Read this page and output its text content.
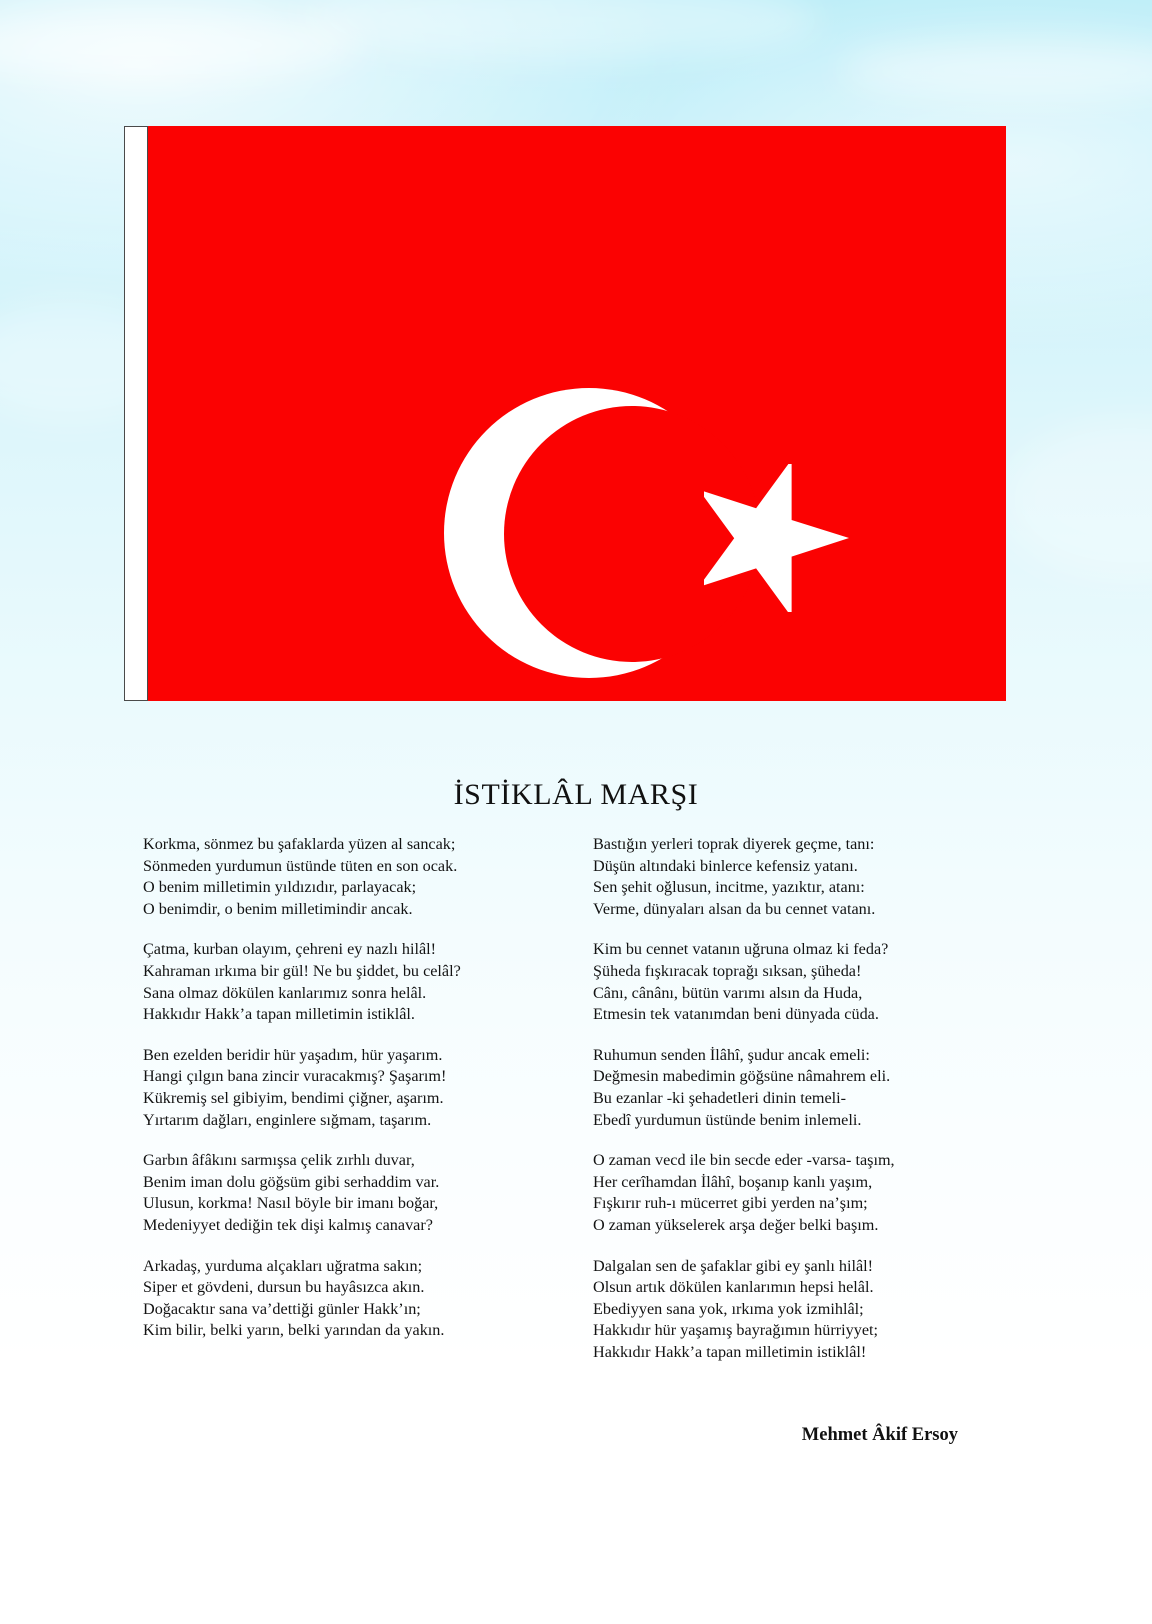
İSTİKLÂL MARŞI
Korkma, sönmez bu şafaklarda yüzen al sancak;
Sönmeden yurdumun üstünde tüten en son ocak.
O benim milletimin yıldızıdır, parlayacak;
O benimdir, o benim milletimindir ancak.
Çatma, kurban olayım, çehreni ey nazlı hilâl!
Kahraman ırkıma bir gül! Ne bu şiddet, bu celâl?
Sana olmaz dökülen kanlarımız sonra helâl.
Hakkıdır Hakk’a tapan milletimin istiklâl.
Ben ezelden beridir hür yaşadım, hür yaşarım.
Hangi çılgın bana zincir vuracakmış? Şaşarım!
Kükremiş sel gibiyim, bendimi çiğner, aşarım.
Yırtarım dağları, enginlere sığmam, taşarım.
Garbın âfâkını sarmışsa çelik zırhlı duvar,
Benim iman dolu göğsüm gibi serhaddim var.
Ulusun, korkma! Nasıl böyle bir imanı boğar,
Medeniyyet dediğin tek dişi kalmış canavar?
Arkadaş, yurduma alçakları uğratma sakın;
Siper et gövdeni, dursun bu hayâsızca akın.
Doğacaktır sana va’dettiği günler Hakk’ın;
Kim bilir, belki yarın, belki yarından da yakın.
Bastığın yerleri toprak diyerek geçme, tanı:
Düşün altındaki binlerce kefensiz yatanı.
Sen şehit oğlusun, incitme, yazıktır, atanı:
Verme, dünyaları alsan da bu cennet vatanı.
Kim bu cennet vatanın uğruna olmaz ki feda?
Şüheda fışkıracak toprağı sıksan, şüheda!
Cânı, cânânı, bütün varımı alsın da Huda,
Etmesin tek vatanımdan beni dünyada cüda.
Ruhumun senden İlâhî, şudur ancak emeli:
Değmesin mabedimin göğsüne nâmahrem eli.
Bu ezanlar -ki şehadetleri dinin temeli-
Ebedî yurdumun üstünde benim inlemeli.
O zaman vecd ile bin secde eder -varsa- taşım,
Her cerîhamdan İlâhî, boşanıp kanlı yaşım,
Fışkırır ruh-ı mücerret gibi yerden na’şım;
O zaman yükselerek arşa değer belki başım.
Dalgalan sen de şafaklar gibi ey şanlı hilâl!
Olsun artık dökülen kanlarımın hepsi helâl.
Ebediyyen sana yok, ırkıma yok izmihlâl;
Hakkıdır hür yaşamış bayrağımın hürriyyet;
Hakkıdır Hakk’a tapan milletimin istiklâl!
Mehmet Âkif Ersoy
